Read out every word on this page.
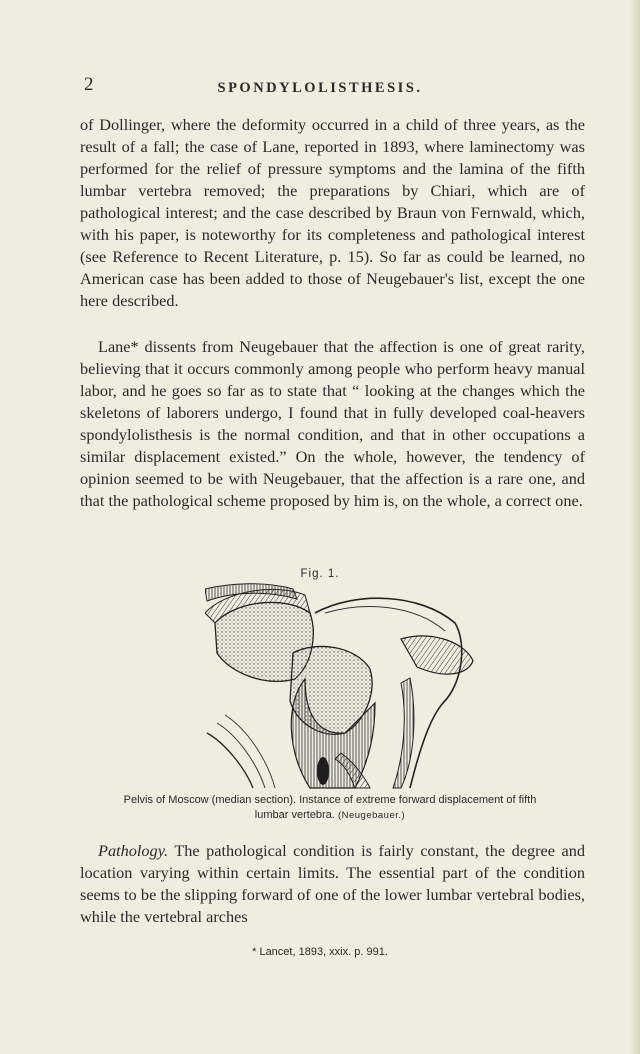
2	SPONDYLOLISTHESIS.

of Dollinger, where the deformity occurred in a child of three years, as the result of a fall; the case of Lane, reported in 1893, where laminectomy was performed for the relief of pressure symptoms and the lamina of the fifth lumbar vertebra removed; the preparations by Chiari, which are of pathological interest; and the case described by Braun von Fernwald, which, with his paper, is noteworthy for its completeness and pathological interest (see Reference to Recent Literature, p. 15). So far as could be learned, no American case has been added to those of Neugebauer's list, except the one here described.

Lane* dissents from Neugebauer that the affection is one of great rarity, believing that it occurs commonly among people who perform heavy manual labor, and he goes so far as to state that “ looking at the changes which the skeletons of laborers undergo, I found that in fully developed coal-heavers spondylolisthesis is the normal condition, and that in other occupations a similar displacement existed.” On the whole, however, the tendency of opinion seemed to be with Neugebauer, that the affection is a rare one, and that the pathological scheme proposed by him is, on the whole, a correct one.

Fig. 1.
Pelvis of Moscow (median section). Instance of extreme forward displacement of fifth lumbar vertebra. (Neugebauer.)

Pathology. The pathological condition is fairly constant, the degree and location varying within certain limits. The essential part of the condition seems to be the slipping forward of one of the lower lumbar vertebral bodies, while the vertebral arches

* Lancet, 1893, xxix. p. 991.
